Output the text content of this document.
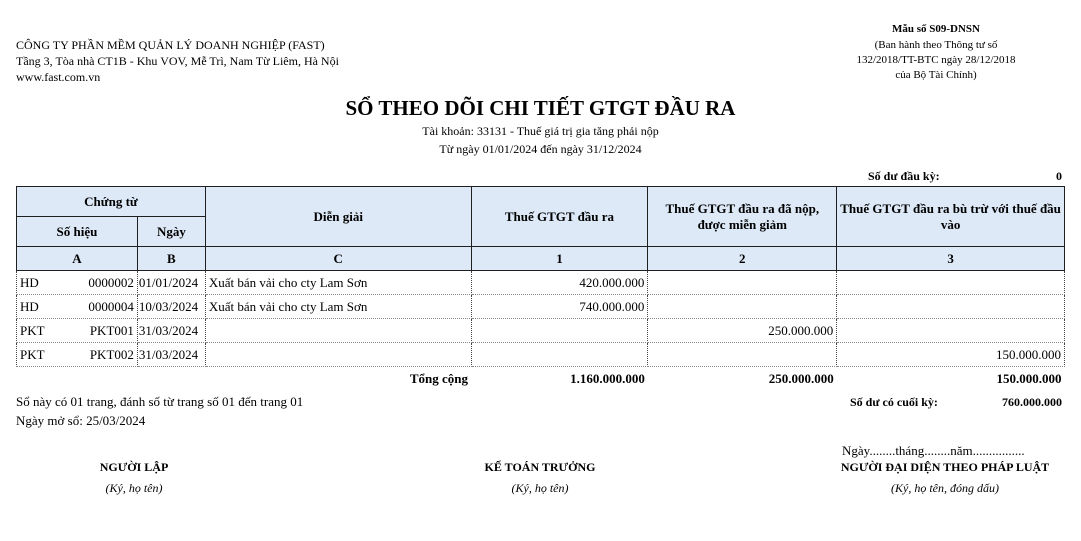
CÔNG TY PHẦN MỀM QUẢN LÝ DOANH NGHIỆP (FAST)
Tầng 3, Tòa nhà CT1B - Khu VOV, Mễ Trì, Nam Từ Liêm, Hà Nội
www.fast.com.vn
Mẫu số S09-DNSN
(Ban hành theo Thông tư số
132/2018/TT-BTC ngày 28/12/2018
của Bộ Tài Chính)
SỔ THEO DÕI CHI TIẾT GTGT ĐẦU RA
Tài khoản: 33131 - Thuế giá trị gia tăng phải nộp
Từ ngày 01/01/2024 đến ngày 31/12/2024
Số dư đầu kỳ:	0
Chứng từ		Diễn giải	Thuế GTGT đầu ra	Thuế GTGT đầu ra đã nộp, được miễn giảm	Thuế GTGT đầu ra bù trừ với thuế đầu vào
Số hiệu	Ngày				
A	B	C	1	2	3

HD 0000002	01/01/2024	Xuất bán vải cho cty Lam Sơn	420.000.000		

HD 0000004	10/03/2024	Xuất bán vải cho cty Lam Sơn	740.000.000		

PKT PKT001	31/03/2024			250.000.000	

PKT PKT002	31/03/2024				150.000.000
		Tổng cộng	1.160.000.000	250.000.000	150.000.000
Sổ này có 01 trang, đánh số từ trang số 01 đến trang 01
Ngày mở sổ: 25/03/2024
Số dư có cuối kỳ:	760.000.000
Ngày........tháng........năm................
NGƯỜI LẬP
(Ký, họ tên)
KẾ TOÁN TRƯỞNG
(Ký, họ tên)
NGƯỜI ĐẠI DIỆN THEO PHÁP LUẬT
(Ký, họ tên, đóng dấu)
